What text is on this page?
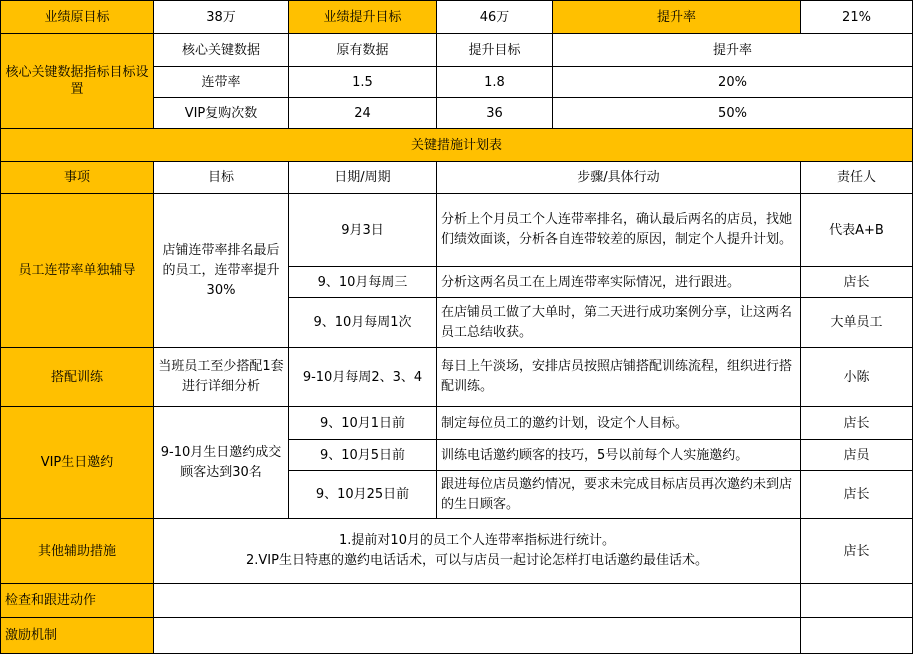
业绩原目标	38万	业绩提升目标	46万	提升率	21%
核心关键数据指标目标设置	核心关键数据	原有数据	提升目标	提升率	
	连带率	1.5	1.8	20%	
	VIP复购次数	24	36	50%	
关键措施计划表					
事项	目标	日期/周期	步骤/具体行动		责任人
员工连带率单独辅导	店铺连带率排名最后的员工，连带率提升30%	9月3日	分析上个月员工个人连带率排名，确认最后两名的店员，找她们绩效面谈，分析各自连带较差的原因，制定个人提升计划。		代表A+B
		9、10月每周三	分析这两名员工在上周连带率实际情况，进行跟进。		店长
		9、10月每周1次	在店铺员工做了大单时，第二天进行成功案例分享，让这两名员工总结收获。		大单员工
搭配训练	当班员工至少搭配1套进行详细分析	9-10月每周2、3、4	每日上午淡场，安排店员按照店铺搭配训练流程，组织进行搭配训练。		小陈
VIP生日邀约	9-10月生日邀约成交顾客达到30名	9、10月1日前	制定每位员工的邀约计划，设定个人目标。		店长
		9、10月5日前	训练电话邀约顾客的技巧，5号以前每个人实施邀约。		店员
		9、10月25日前	跟进每位店员邀约情况，要求未完成目标店员再次邀约未到店的生日顾客。		店长
其他辅助措施	1.提前对10月的员工个人连带率指标进行统计。
2.VIP生日特惠的邀约电话话术，可以与店员一起讨论怎样打电话邀约最佳话术。				店长
检查和跟进动作					
激励机制					
